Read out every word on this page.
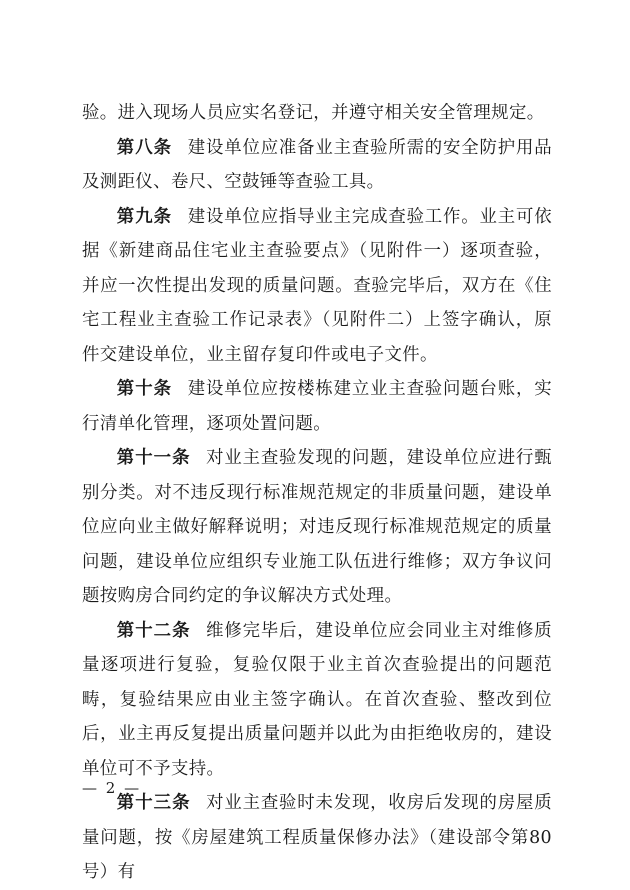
验。进入现场人员应实名登记，并遵守相关安全管理规定。

第八条 建设单位应准备业主查验所需的安全防护用品及测距仪、卷尺、空鼓锤等查验工具。

第九条 建设单位应指导业主完成查验工作。业主可依据《新建商品住宅业主查验要点》（见附件一）逐项查验，并应一次性提出发现的质量问题。查验完毕后，双方在《住宅工程业主查验工作记录表》（见附件二）上签字确认，原件交建设单位，业主留存复印件或电子文件。

第十条 建设单位应按楼栋建立业主查验问题台账，实行清单化管理，逐项处置问题。

第十一条 对业主查验发现的问题，建设单位应进行甄别分类。对不违反现行标准规范规定的非质量问题，建设单位应向业主做好解释说明；对违反现行标准规范规定的质量问题，建设单位应组织专业施工队伍进行维修；双方争议问题按购房合同约定的争议解决方式处理。

第十二条 维修完毕后，建设单位应会同业主对维修质量逐项进行复验，复验仅限于业主首次查验提出的问题范畴，复验结果应由业主签字确认。在首次查验、整改到位后，业主再反复提出质量问题并以此为由拒绝收房的，建设单位可不予支持。

第十三条 对业主查验时未发现，收房后发现的房屋质量问题，按《房屋建筑工程质量保修办法》（建设部令第80号）有

— 2 —
